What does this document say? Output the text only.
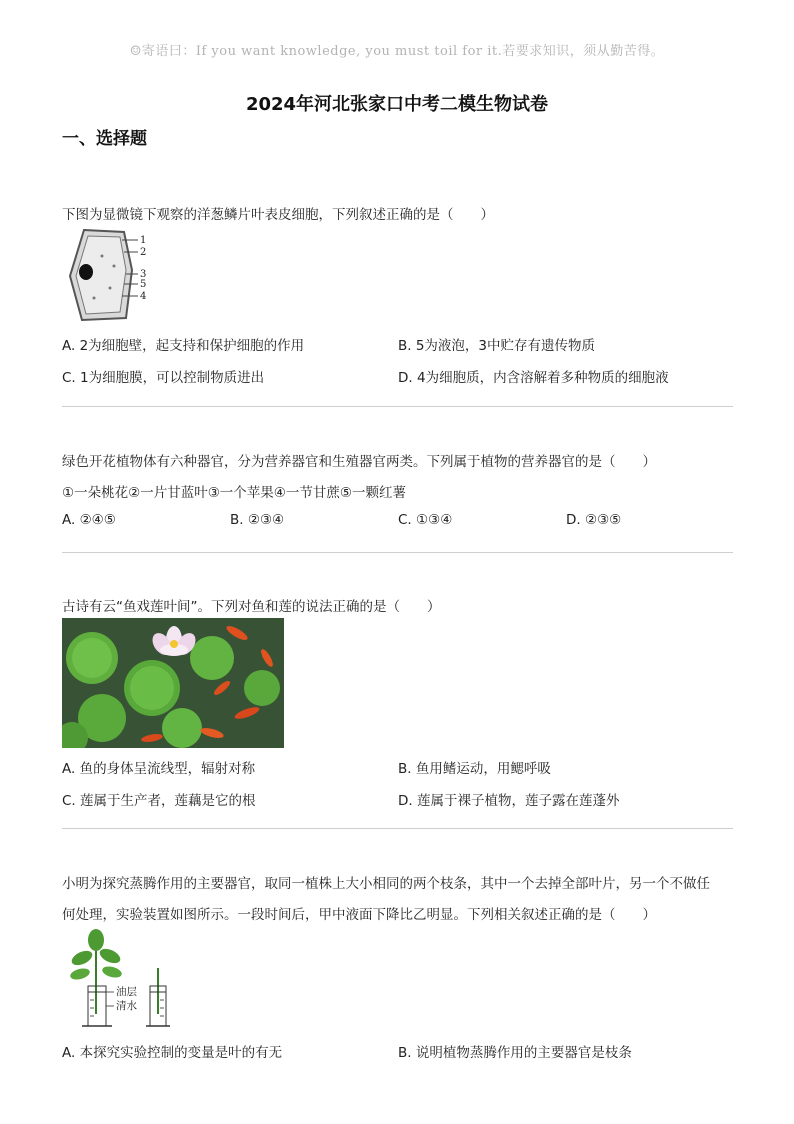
☺寄语曰：If you want knowledge, you must toil for it.若要求知识，须从勤苦得。
2024年河北张家口中考二模生物试卷
一、选择题
下图为显微镜下观察的洋葱鳞片叶表皮细胞，下列叙述正确的是（　　）
1
2
3
5
4
A. 2为细胞壁，起支持和保护细胞的作用	B. 5为液泡，3中贮存有遗传物质
C. 1为细胞膜，可以控制物质进出	D. 4为细胞质，内含溶解着多种物质的细胞液
绿色开花植物体有六种器官，分为营养器官和生殖器官两类。下列属于植物的营养器官的是（　　）
①一朵桃花②一片甘蓝叶③一个苹果④一节甘蔗⑤一颗红薯
A. ②④⑤	B. ②③④	C. ①③④	D. ②③⑤
古诗有云“鱼戏莲叶间”。下列对鱼和莲的说法正确的是（　　）
A. 鱼的身体呈流线型，辐射对称	B. 鱼用鳍运动，用鳃呼吸
C. 莲属于生产者，莲藕是它的根	D. 莲属于裸子植物，莲子露在莲蓬外
小明为探究蒸腾作用的主要器官，取同一植株上大小相同的两个枝条，其中一个去掉全部叶片，另一个不做任
何处理，实验装置如图所示。一段时间后，甲中液面下降比乙明显。下列相关叙述正确的是（　　）
油层
清水
A. 本探究实验控制的变量是叶的有无	B. 说明植物蒸腾作用的主要器官是枝条
